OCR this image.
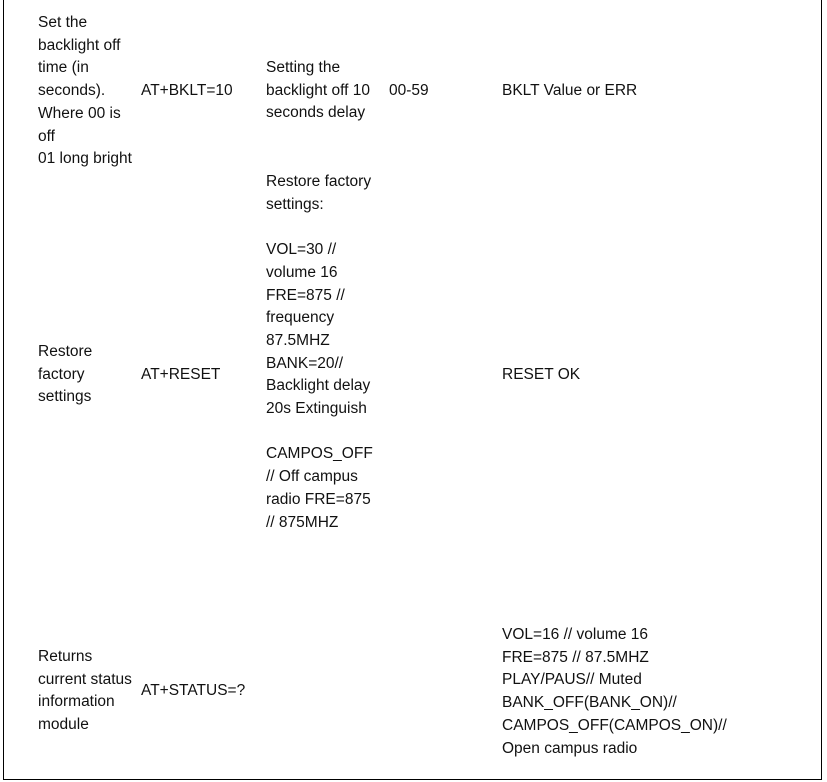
Set the
backlight off
time (in
seconds).
Where 00 is
off
01 long bright
AT+BKLT=10
Setting the
backlight off 10
seconds delay
00-59	BKLT Value or ERR
Restore
factory
settings
AT+RESET
Restore factory
settings:

VOL=30 //
volume 16
FRE=875 //
frequency
87.5MHZ
BANK=20//
Backlight delay
20s Extinguish

CAMPOS_OFF
// Off campus
radio FRE=875
// 875MHZ
RESET OK
Returns
current status
information
module
AT+STATUS=?
VOL=16 // volume 16
FRE=875 // 87.5MHZ
PLAY/PAUS// Muted
BANK_OFF(BANK_ON)//
CAMPOS_OFF(CAMPOS_ON)//
Open campus radio
